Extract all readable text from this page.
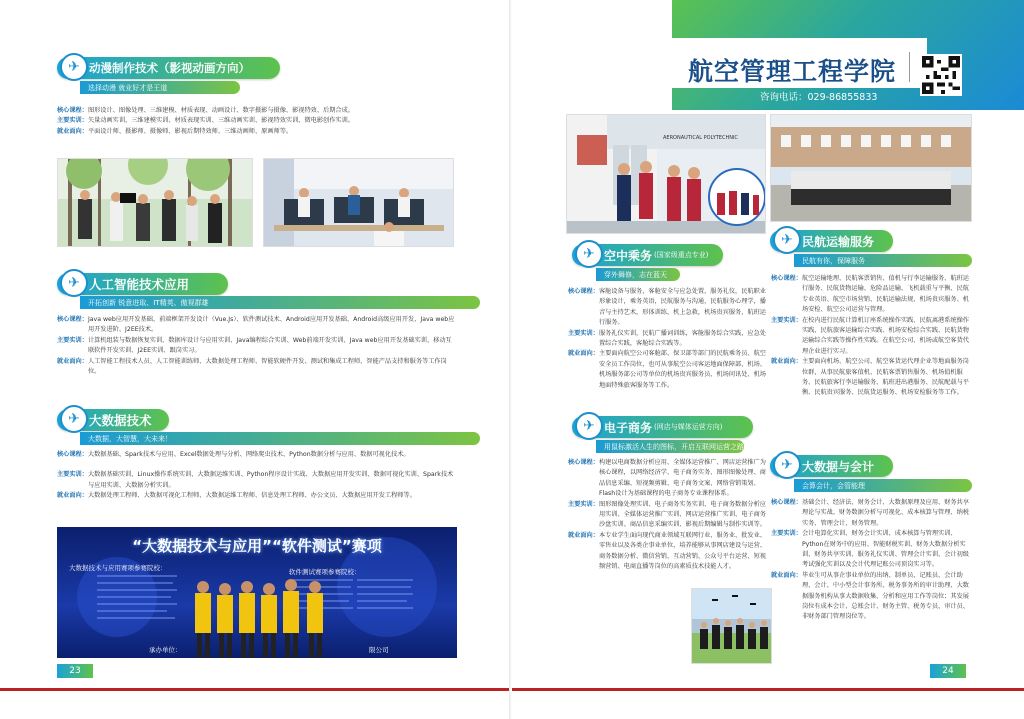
✈ 动漫制作技术（影视动画方向）
选择动漫 就业好才是王道
核心课程： 图形设计、图像处理、三维建模、材质表现、动画设计、数字摄影与摄像、影视特效、后期合成。
主要实训： 矢量动画实训、三维建模实训、材质表现实训、三维动画实训、影视特效实训、微电影创作实训。
就业面向： 平面设计师、摄影师、摄像师、影视后期特效师、三维动画师、原画师等。
✈ 人工智能技术应用
开拓创新 锐意进取、IT精英、傲视群雄
核心课程： Java web应用开发基础、前端框架开发设计（Vue.Js）、软件测试技术、Android应用开发基础、Android高级应用开发、Java web应用开发进阶、J2EE技术。
主要实训： 计算机组装与数据恢复实训、数据库设计与应用实训、Java编程综合实训、Web前端开发实训、Java web应用开发基础实训、移动互联软件开发实训、J2EE实训、跟岗实习。
就业面向： 人工智能工程技术人员、人工智能训练师、大数据处理工程师、智能软硬件开发、测试和集成工程师、智能产品支持和服务等工作岗位。
✈ 大数据技术
大数据，大智慧，大未来！
核心课程： 大数据基础、Spark技术与应用、Excel数据处理与分析、网络爬虫技术、Python数据分析与应用、数据可视化技术。
主要实训： 大数据基础实训、Linux操作系统实训、大数据运维实训、Python程序设计实战、大数据应用开发实训、数据可视化实训、Spark技术与应用实训、大数据分析实训。
就业面向： 大数据处理工程师、大数据可视化工程师、大数据运维工程师、信息处理工程师、办公文员、大数据应用开发工程师等。
“大数据技术与应用”“软件测试”赛项
大数据技术与应用赛项参赛院校：	软件测试赛项参赛院校：
承办单位：	限公司
23
航空管理工程学院
咨询电话：029-86855833
AERONAUTICAL POLYTECHNIC
✈ 空中乘务 (国家级重点专业)
穿外舞修，志在蓝天
核心课程： 客舱设备与服务，客舱安全与应急处置，服务礼仪，民航职业形象设计，乘务英语，民航服务与沟通，民航服务心理学，播音与主持艺术，形体训练，机上急救，机场贵宾服务，航班运行服务。
主要实训： 服务礼仪实训，民航广播词训练，客舱服务综合实践，应急处置综合实践，客舱综合实践等。
就业面向： 主要面向航空公司客舱部、保卫部等部门的民航乘务员、航空安全员工作岗位，也可从事航空公司客运地面保障部、机场、机场服务部公司等单位的机场贵宾服务员、机场问讯处、机场地面特殊旅客服务等工作。
✈ 电子商务 (网店与媒体运营方向)
用鼠标激活人生的图标，开启互联网运营之路
核心课程： 构建以电商数据分析应用、全媒体运营推广、网店运营推广为核心课程，以网络经济学、电子商务实务、图形图像处理、商品信息采编、短视频剪辑、电子商务文案、网络营销策划、Flash设计为基础课程的电子商务专业课程体系。
主要实训： 图形图像处理实训、电子商务实务实训、电子商务数据分析应用实训、全媒体运营推广实训、网店运营推广实训、电子商务沙盘实训、商品信息采编实训、影视后期编辑与制作实训等。
就业面向： 本专业学生面向现代商业领域互联网行业、服务业、批发业、零售业以及各类企事业单位，培养能够从事网店建设与运营、商务数据分析、微信营销、互动营销、公众号平台运营、短视频营销、电商直播等岗位的高素质技术技能人才。
✈ 民航运输服务
民航有你，保障服务
核心课程： 航空运输地理、民航客票销售、值机与行李运输服务、航班运行服务、民航货物运输、危险品运输、飞机载重与平衡、民航专业英语、航空市场营销、民航运输法规、机场贵宾服务、机场安检、航空公司运营与管理。
主要实训： 在校内进行民航计算机订座系统操作实践、民航离港系统操作实践、民航旅客运输综合实践、机场安检综合实践、民航货物运输综合实践等操作性实践。在航空公司、机场或航空客货代理企业进行实习。
就业面向： 主要面向机场、航空公司、航空客货运代理企业等地面服务岗位群，从事民航旅客值机、民航客票销售服务、机场值机服务、民航旅客行李运输服务、航班进出港服务、民航配载与平衡、民航贵宾服务、民航货运服务、机场安检服务等工作。
✈ 大数据与会计
会算会计，会管能理
核心课程： 基础会计、经济法、财务会计、大数据原理及应用、财务共享理论与实战、财务数据分析与可视化、成本核算与管理、纳税实务、管理会计、财务管理。
主要实训： 会计电算化实训、财务会计实训、成本核算与管理实训、Python在财务中的应用、智能财税实训、财务大数据分析实训、财务共享实训、服务礼仪实训、管理会计实训、会计初级考试强化实训以及会计代理记账公司顶岗实习等。
就业面向： 毕业生可从事企事业单位的出纳、制单员、记账员、会计助理、会计、中小型会计事务所、税务事务所的审计助理、大数据服务机构从事大数据收集、分析和应用工作等岗位；其发展岗位有成本会计、总账会计、财务主管、税务专员、审计员、非财务部门管理岗位等。
24
